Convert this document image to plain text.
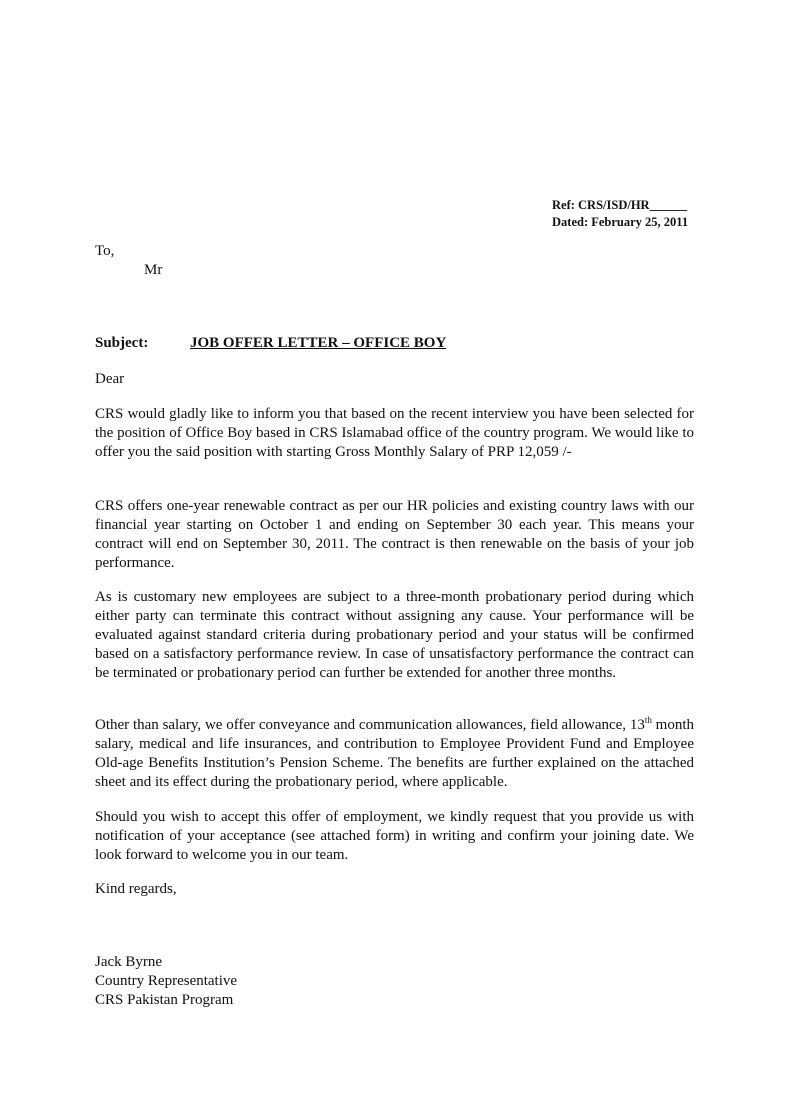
Ref: CRS/ISD/HR______
Dated: February 25, 2011
To,
Mr
Subject:	JOB OFFER LETTER – OFFICE BOY
Dear

CRS would gladly like to inform you that based on the recent interview you have been selected for the position of Office Boy based in CRS Islamabad office of the country program. We would like to offer you the said position with starting Gross Monthly Salary of PRP 12,059 /-

CRS offers one-year renewable contract as per our HR policies and existing country laws with our financial year starting on October 1 and ending on September 30 each year. This means your contract will end on September 30, 2011. The contract is then renewable on the basis of your job performance.

As is customary new employees are subject to a three-month probationary period during which either party can terminate this contract without assigning any cause. Your performance will be evaluated against standard criteria during probationary period and your status will be confirmed based on a satisfactory performance review. In case of unsatisfactory performance the contract can be terminated or probationary period can further be extended for another three months.

Other than salary, we offer conveyance and communication allowances, field allowance, 13th month salary, medical and life insurances, and contribution to Employee Provident Fund and Employee Old-age Benefits Institution’s Pension Scheme. The benefits are further explained on the attached sheet and its effect during the probationary period, where applicable.

Should you wish to accept this offer of employment, we kindly request that you provide us with notification of your acceptance (see attached form) in writing and confirm your joining date. We look forward to welcome you in our team.

Kind regards,
Jack Byrne
Country Representative
CRS Pakistan Program
